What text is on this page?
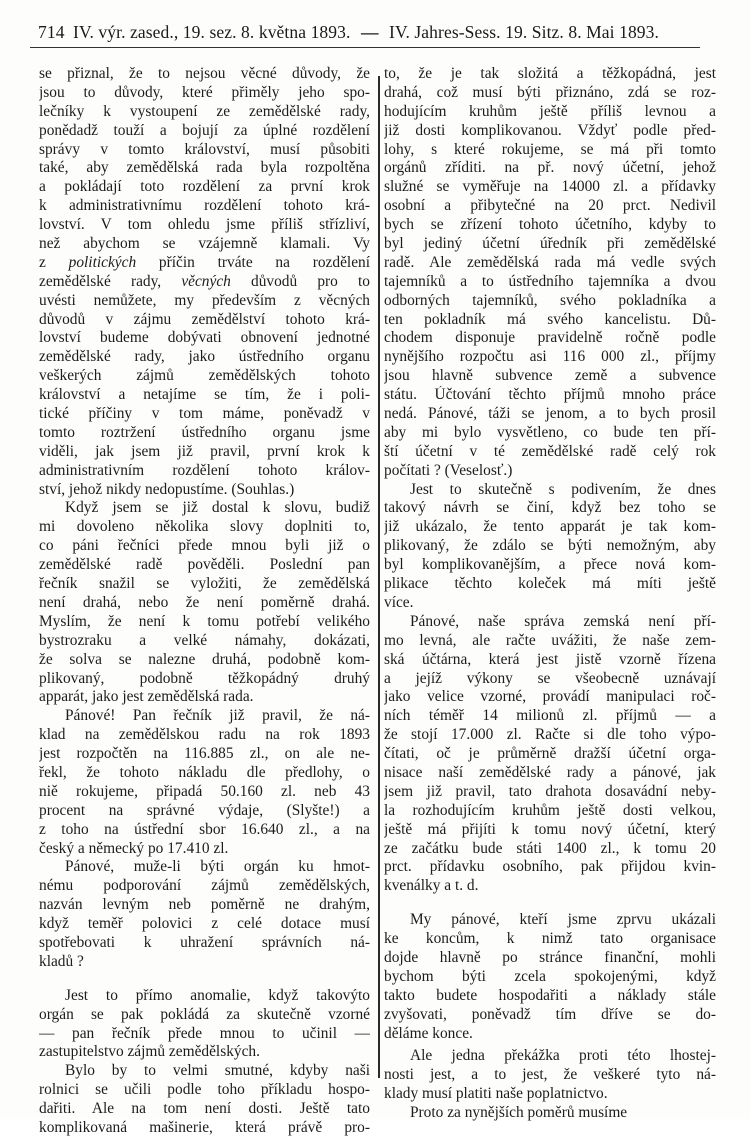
714 IV. výr. zased., 19. sez. 8. května 1893. — IV. Jahres-Sess. 19. Sitz. 8. Mai 1893.
se přiznal, že to nejsou věcné důvody, že
jsou to důvody, které přiměly jeho spo-
lečníky k vystoupení ze zemědělské rady,
ponědadž touží a bojují za úplné rozdělení
správy v tomto království, musí působiti
také, aby zemědělská rada byla rozpoltěna
a pokládají toto rozdělení za první krok
k administrativnímu rozdělení tohoto krá-
lovství. V tom ohledu jsme příliš střízliví,
než abychom se vzájemně klamali. Vy
z politických příčin trváte na rozdělení
zemědělské rady, věcných důvodů pro to
uvésti nemůžete, my především z věcných
důvodů v zájmu zemědělství tohoto krá-
lovství budeme dobývati obnovení jednotné
zemědělské rady, jako ústředního organu
veškerých zájmů zemědělských tohoto
království a netajíme se tím, že i poli-
tické příčiny v tom máme, poněvadž v
tomto roztržení ústředního organu jsme
viděli, jak jsem již pravil, první krok k
administrativním rozdělení tohoto králov-
ství, jehož nikdy nedopustíme. (Souhlas.)
Když jsem se již dostal k slovu, budiž
mi dovoleno několika slovy doplniti to,
co páni řečníci přede mnou byli již o
zemědělské radě pověděli. Poslední pan
řečník snažil se vyložiti, že zemědělská
není drahá, nebo že není poměrně drahá.
Myslím, že není k tomu potřebí velikého
bystrozraku a velké námahy, dokázati,
že solva se nalezne druhá, podobně kom-
plikovaný, podobně těžkopádný druhý
apparát, jako jest zemědělská rada.
Pánové! Pan řečník již pravil, že ná-
klad na zemědělskou radu na rok 1893
jest rozpočtěn na 116.885 zl., on ale ne-
řekl, že tohoto nákladu dle předlohy, o
niě rokujeme, připadá 50.160 zl. neb 43
procent na správné výdaje, (Slyšte!) a
z toho na ústřední sbor 16.640 zl., a na
český a německý po 17.410 zl.
Pánové, muže-li býti orgán ku hmot-
nému podporování zájmů zemědělských,
nazván levným neb poměrně ne drahým,
když teměř polovici z celé dotace musí
spotřebovati k uhražení správních ná-
kladů ?
Jest to přímo anomalie, když takovýto
orgán se pak pokládá za skutečně vzorné
— pan řečník přede mnou to učinil —
zastupitelstvo zájmů zemědělských.
Bylo by to velmi smutné, kdyby naši
rolnici se učili podle toho příkladu hospo-
dařiti. Ale na tom není dosti. Ještě tato
komplikovaná mašinerie, která právě pro-
to, že je tak složitá a těžkopádná, jest
drahá, což musí býti přiznáno, zdá se roz-
hodujícím kruhům ještě příliš levnou a
již dosti komplikovanou. Vždyť podle před-
lohy, s které rokujeme, se má při tomto
orgánů zříditi. na př. nový účetní, jehož
služné se vyměřuje na 14000 zl. a přídavky
osobní a přibytečné na 20 prct. Nedivil
bych se zřízení tohoto účetního, kdyby to
byl jediný účetní úředník při zemědělské
radě. Ale zemědělská rada má vedle svých
tajemníků a to ústředního tajemníka a dvou
odborných tajemníků, svého pokladníka a
ten pokladník má svého kancelistu. Dů-
chodem disponuje pravidelně ročně podle
nynějšího rozpočtu asi 116 000 zl., příjmy
jsou hlavně subvence země a subvence
státu. Účtování těchto příjmů mnoho práce
nedá. Pánové, táži se jenom, a to bych prosil
aby mi bylo vysvětleno, co bude ten pří-
ští účetní v té zemědělské radě celý rok
počítati ? (Veselosť.)
Jest to skutečně s podivením, že dnes
takový návrh se činí, když bez toho se
již ukázalo, že tento apparát je tak kom-
plikovaný, že zdálo se býti nemožným, aby
byl komplikovanějším, a přece nová kom-
plikace těchto koleček má míti ještě
více.
Pánové, naše správa zemská není pří-
mo levná, ale račte uvážiti, že naše zem-
ská účtárna, která jest jistě vzorně řízena
a jejíž výkony se všeobecně uznávají
jako velice vzorné, provádí manipulaci roč-
ních téměř 14 milionů zl. příjmů — a
že stojí 17.000 zl. Račte si dle toho výpo-
čítati, oč je průměrně dražší účetní orga-
nisace naší zemědělské rady a pánové, jak
jsem již pravil, tato drahota dosavádní neby-
la rozhodujícím kruhům ještě dosti velkou,
ještě má přijíti k tomu nový účetní, který
ze začátku bude státi 1400 zl., k tomu 20
prct. přídavku osobního, pak přijdou kvin-
kvenálky a t. d.
My pánové, kteří jsme zprvu ukázali
ke koncům, k nimž tato organisace
dojde hlavně po stránce finanční, mohli
bychom býti zcela spokojenými, když
takto budete hospodařiti a náklady stále
zvyšovati, poněvadž tím dříve se do-
děláme konce.
Ale jedna překážka proti této lhostej-
nosti jest, a to jest, že veškeré tyto ná-
klady musí platiti naše poplatnictvo.
Proto za nynějších poměrů musíme
